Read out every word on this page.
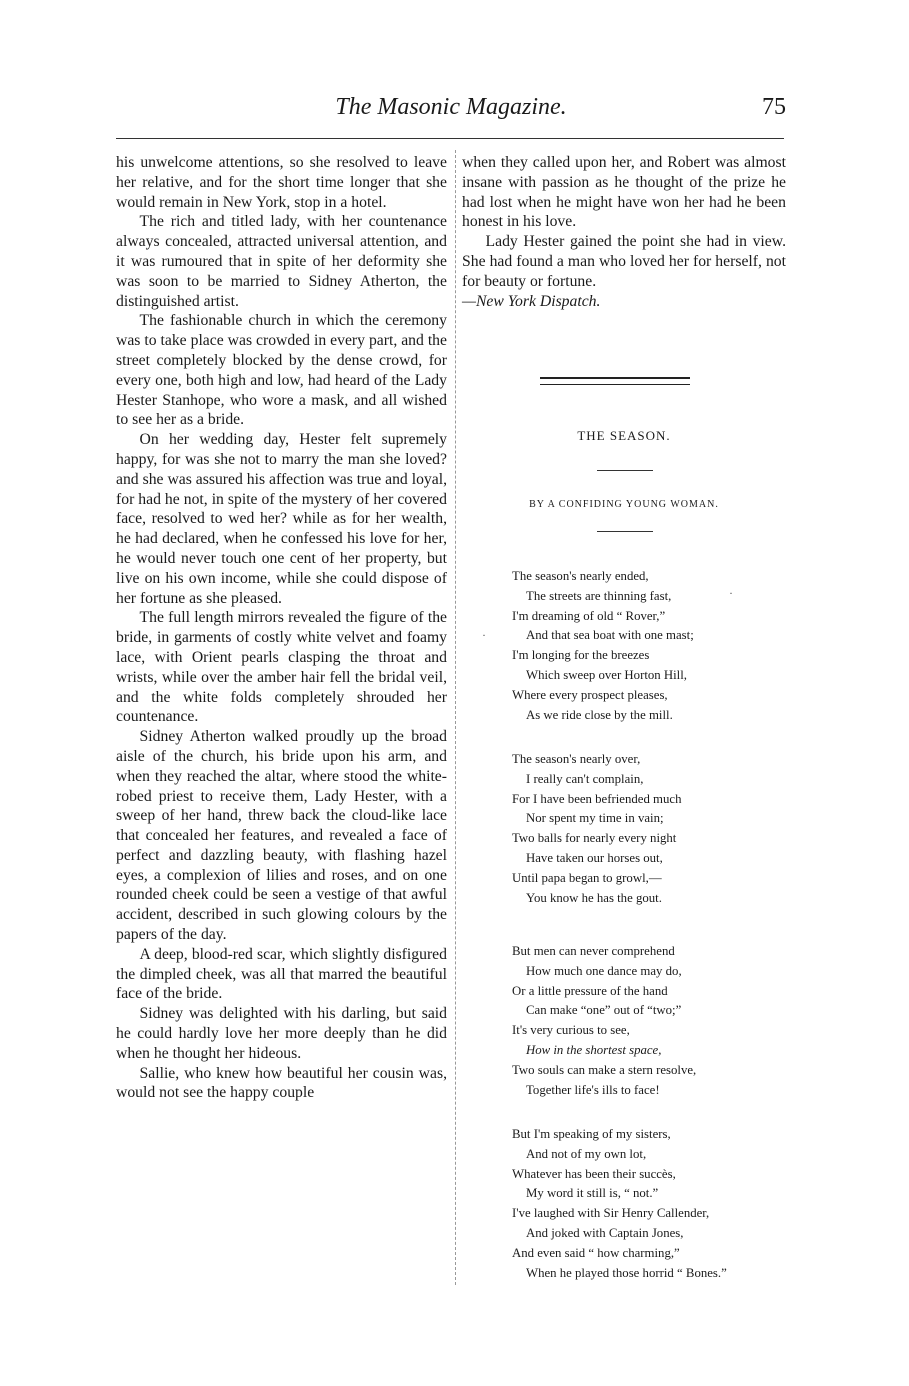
The Masonic Magazine.	75

his unwelcome attentions, so she resolved to leave her relative, and for the short time longer that she would remain in New York, stop in a hotel.

The rich and titled lady, with her countenance always concealed, attracted universal attention, and it was rumoured that in spite of her deformity she was soon to be married to Sidney Atherton, the distinguished artist.

The fashionable church in which the ceremony was to take place was crowded in every part, and the street completely blocked by the dense crowd, for every one, both high and low, had heard of the Lady Hester Stanhope, who wore a mask, and all wished to see her as a bride.

On her wedding day, Hester felt supremely happy, for was she not to marry the man she loved? and she was assured his affection was true and loyal, for had he not, in spite of the mystery of her covered face, resolved to wed her? while as for her wealth, he had declared, when he confessed his love for her, he would never touch one cent of her property, but live on his own income, while she could dispose of her fortune as she pleased.

The full length mirrors revealed the figure of the bride, in garments of costly white velvet and foamy lace, with Orient pearls clasping the throat and wrists, while over the amber hair fell the bridal veil, and the white folds completely shrouded her countenance.

Sidney Atherton walked proudly up the broad aisle of the church, his bride upon his arm, and when they reached the altar, where stood the white-robed priest to receive them, Lady Hester, with a sweep of her hand, threw back the cloud-like lace that concealed her features, and revealed a face of perfect and dazzling beauty, with flashing hazel eyes, a complexion of lilies and roses, and on one rounded cheek could be seen a vestige of that awful accident, described in such glowing colours by the papers of the day.

A deep, blood-red scar, which slightly disfigured the dimpled cheek, was all that marred the beautiful face of the bride.

Sidney was delighted with his darling, but said he could hardly love her more deeply than he did when he thought her hideous.

Sallie, who knew how beautiful her cousin was, would not see the happy couple

when they called upon her, and Robert was almost insane with passion as he thought of the prize he had lost when he might have won her had he been honest in his love.

Lady Hester gained the point she had in view. She had found a man who loved her for herself, not for beauty or fortune.

—New York Dispatch.

THE SEASON.
BY A CONFIDING YOUNG WOMAN.
The season's nearly ended,
The streets are thinning fast,
I'm dreaming of old “ Rover,”
And that sea boat with one mast;
I'm longing for the breezes
Which sweep over Horton Hill,
Where every prospect pleases,
As we ride close by the mill.
The season's nearly over,
I really can't complain,
For I have been befriended much
Nor spent my time in vain;
Two balls for nearly every night
Have taken our horses out,
Until papa began to growl,—
You know he has the gout.
But men can never comprehend
How much one dance may do,
Or a little pressure of the hand
Can make “one” out of “two;”
It's very curious to see,
How in the shortest space,
Two souls can make a stern resolve,
Together life's ills to face!
But I'm speaking of my sisters,
And not of my own lot,
Whatever has been their succès,
My word it still is, “ not.”
I've laughed with Sir Henry Callender,
And joked with Captain Jones,
And even said “ how charming,”
When he played those horrid “ Bones.”
·
·
